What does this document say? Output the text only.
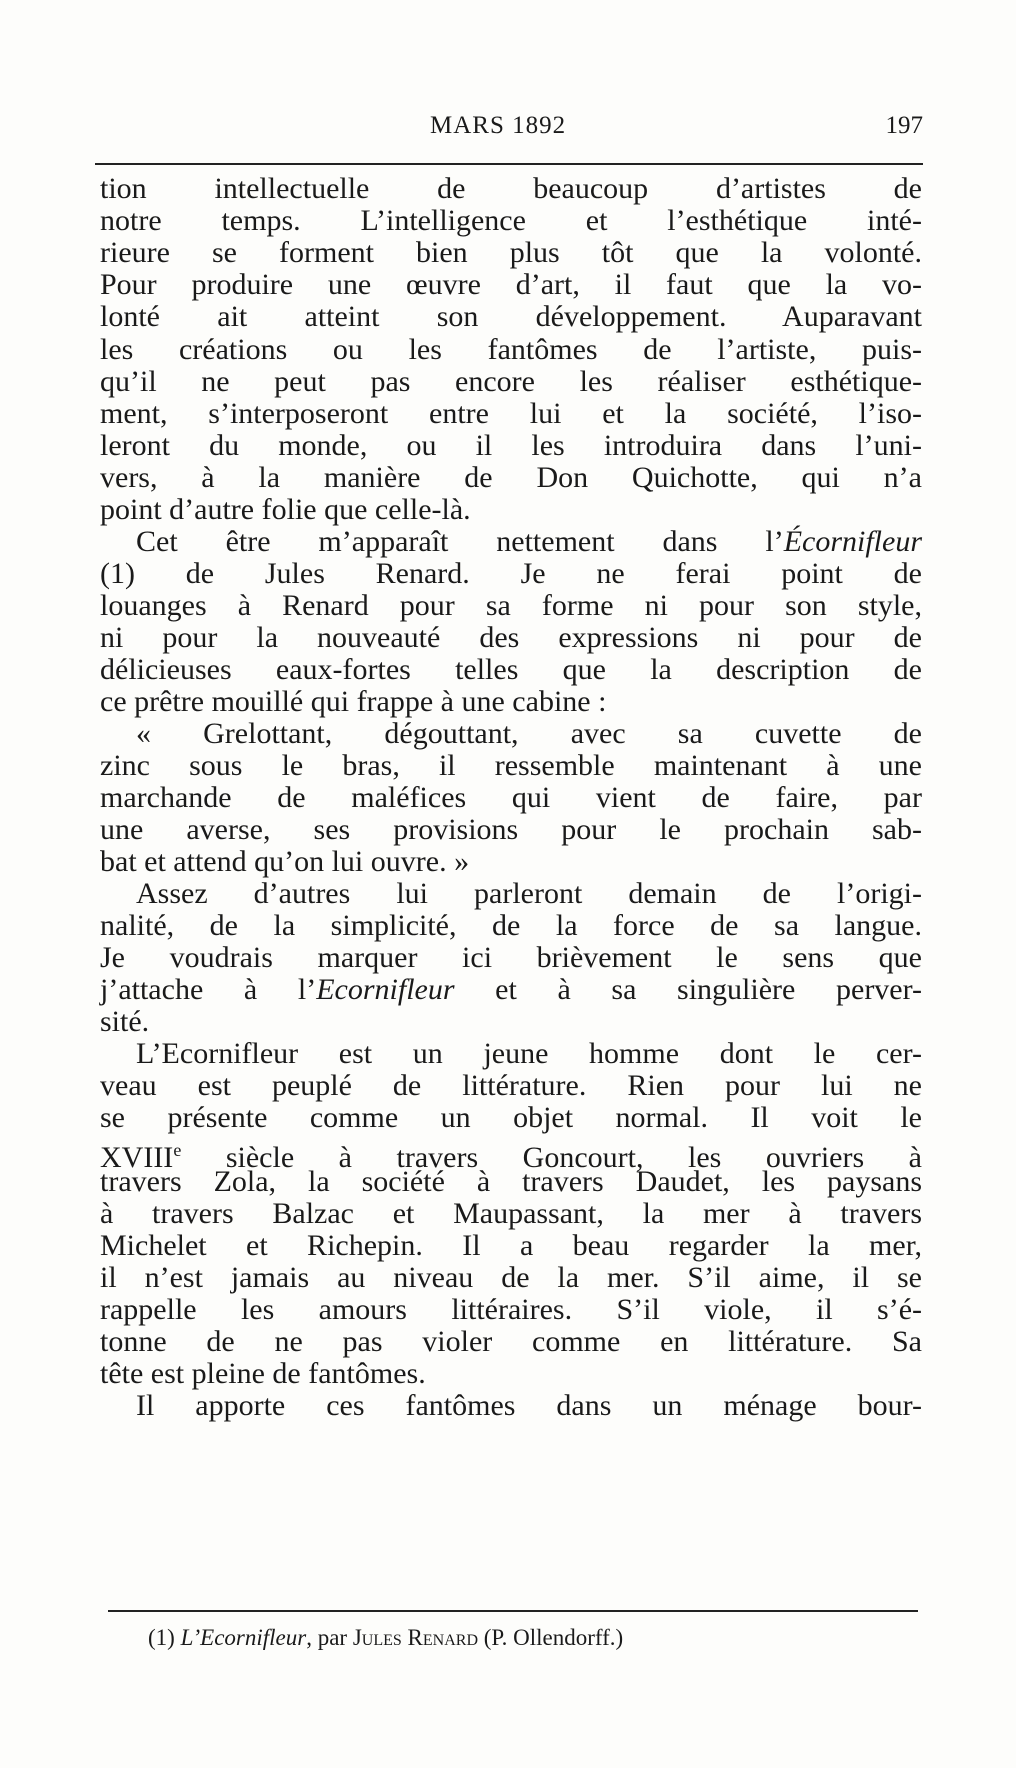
MARS 1892	197
tion intellectuelle de beaucoup d’artistes de
notre temps. L’intelligence et l’esthétique inté-
rieure se forment bien plus tôt que la volonté.
Pour produire une œuvre d’art, il faut que la vo-
lonté ait atteint son développement. Auparavant
les créations ou les fantômes de l’artiste, puis-
qu’il ne peut pas encore les réaliser esthétique-
ment, s’interposeront entre lui et la société, l’iso-
leront du monde, ou il les introduira dans l’uni-
vers, à la manière de Don Quichotte, qui n’a
point d’autre folie que celle-là.
Cet être m’apparaît nettement dans l’Écornifleur
(1) de Jules Renard. Je ne ferai point de
louanges à Renard pour sa forme ni pour son style,
ni pour la nouveauté des expressions ni pour de
délicieuses eaux-fortes telles que la description de
ce prêtre mouillé qui frappe à une cabine :
« Grelottant, dégouttant, avec sa cuvette de
zinc sous le bras, il ressemble maintenant à une
marchande de maléfices qui vient de faire, par
une averse, ses provisions pour le prochain sab-
bat et attend qu’on lui ouvre. »
Assez d’autres lui parleront demain de l’origi-
nalité, de la simplicité, de la force de sa langue.
Je voudrais marquer ici brièvement le sens que
j’attache à l’Ecornifleur et à sa singulière perver-
sité.
L’Ecornifleur est un jeune homme dont le cer-
veau est peuplé de littérature. Rien pour lui ne
se présente comme un objet normal. Il voit le
XVIIIe siècle à travers Goncourt, les ouvriers à
travers Zola, la société à travers Daudet, les paysans
à travers Balzac et Maupassant, la mer à travers
Michelet et Richepin. Il a beau regarder la mer,
il n’est jamais au niveau de la mer. S’il aime, il se
rappelle les amours littéraires. S’il viole, il s’é-
tonne de ne pas violer comme en littérature. Sa
tête est pleine de fantômes.
Il apporte ces fantômes dans un ménage bour-
(1) L’Ecornifleur, par Jules Renard (P. Ollendorff.)
